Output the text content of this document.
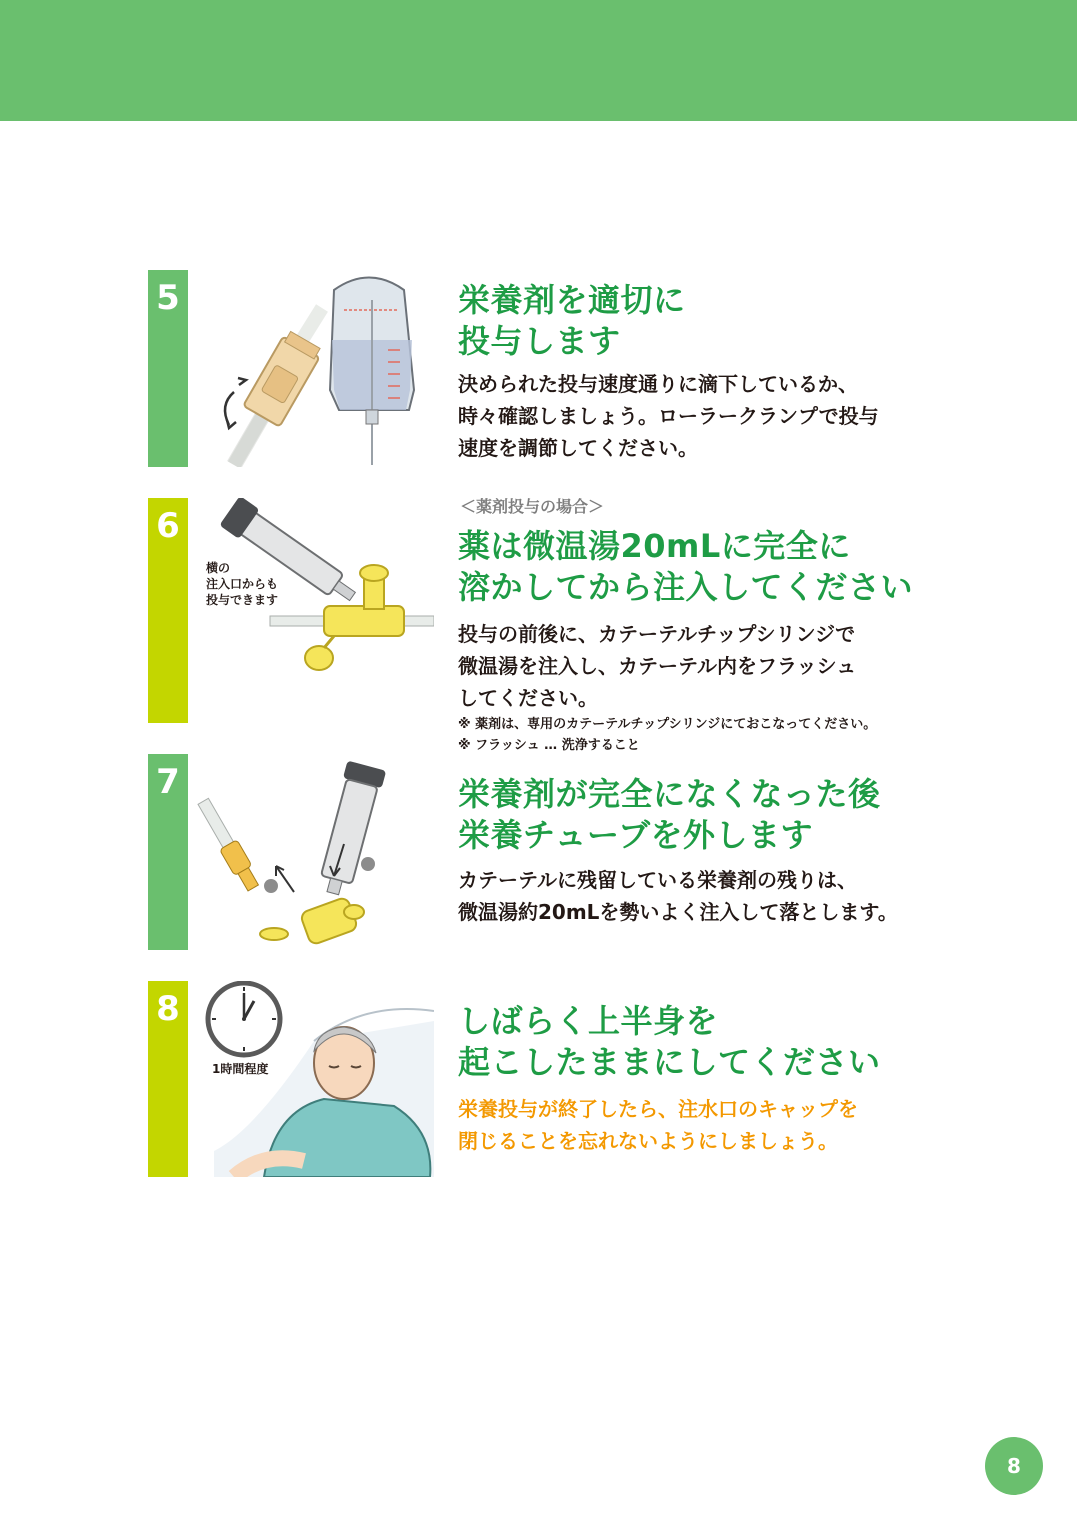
5	栄養剤を適切に
投与します
決められた投与速度通りに滴下しているか、
時々確認しましょう。ローラークランプで投与
速度を調節してください。
6
横の
注入口からも
投与できます
＜薬剤投与の場合＞
薬は微温湯20mLに完全に
溶かしてから注入してください
投与の前後に、カテーテルチップシリンジで
微温湯を注入し、カテーテル内をフラッシュ
してください。
※ 薬剤は、専用のカテーテルチップシリンジにておこなってください。
※ フラッシュ … 洗浄すること
7	栄養剤が完全になくなった後
栄養チューブを外します
カテーテルに残留している栄養剤の残りは、
微温湯約20mLを勢いよく注入して落とします。
8
1時間程度
しばらく上半身を
起こしたままにしてください
栄養投与が終了したら、注水口のキャップを
閉じることを忘れないようにしましょう。
8
